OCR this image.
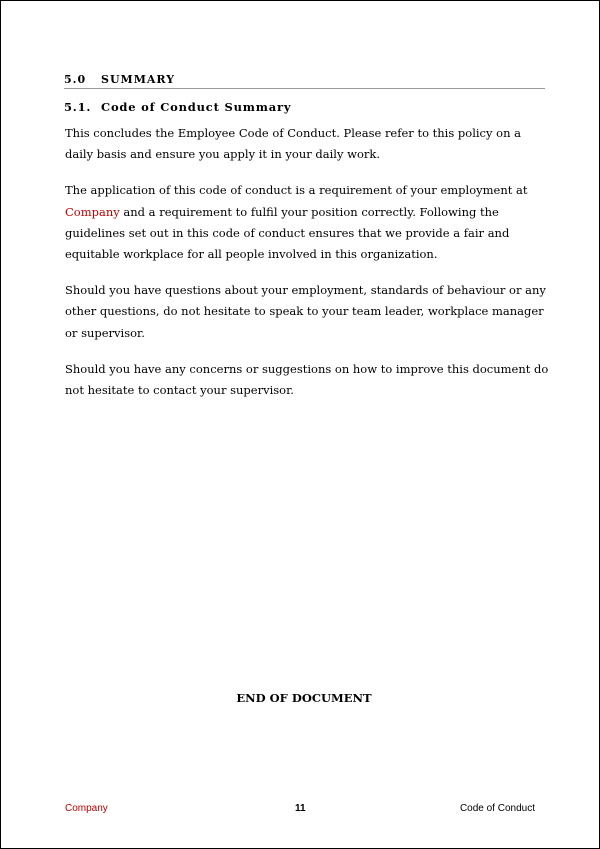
5.0 SUMMARY
5.1. Code of Conduct Summary

This concludes the Employee Code of Conduct. Please refer to this policy on a daily basis and ensure you apply it in your daily work.

The application of this code of conduct is a requirement of your employment at Company and a requirement to fulfil your position correctly. Following the guidelines set out in this code of conduct ensures that we provide a fair and equitable workplace for all people involved in this organization.

Should you have questions about your employment, standards of behaviour or any other questions, do not hesitate to speak to your team leader, workplace manager or supervisor.

Should you have any concerns or suggestions on how to improve this document do not hesitate to contact your supervisor.

END OF DOCUMENT
Company	11	Code of Conduct
